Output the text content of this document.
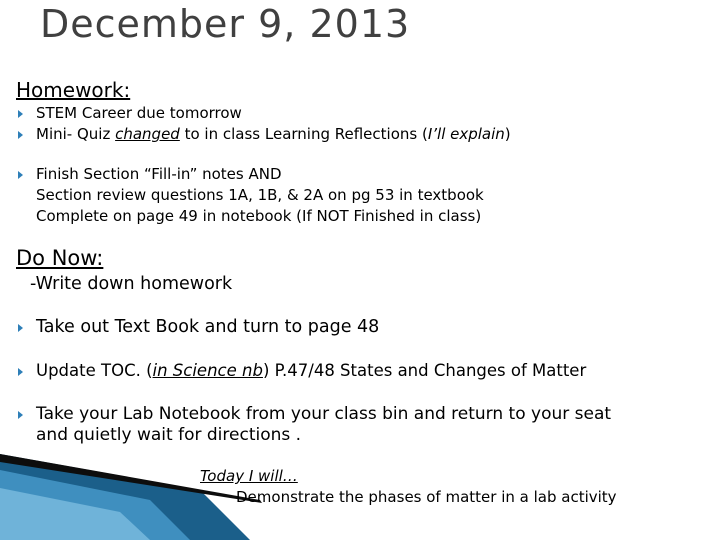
December 9, 2013
Homework:
STEM Career due tomorrow
Mini- Quiz changed to in class Learning Reflections (I’ll explain)
Finish Section “Fill-in” notes AND
Section review questions 1A, 1B, & 2A on pg 53 in textbook
Complete on page 49 in notebook (If NOT Finished in class)
Do Now:
-Write down homework
Take out Text Book and turn to page 48
Update TOC. (in Science nb) P.47/48 States and Changes of Matter
Take your Lab Notebook from your class bin and return to your seat
and quietly wait for directions .
Today I will…
Demonstrate the phases of matter in a lab activity
